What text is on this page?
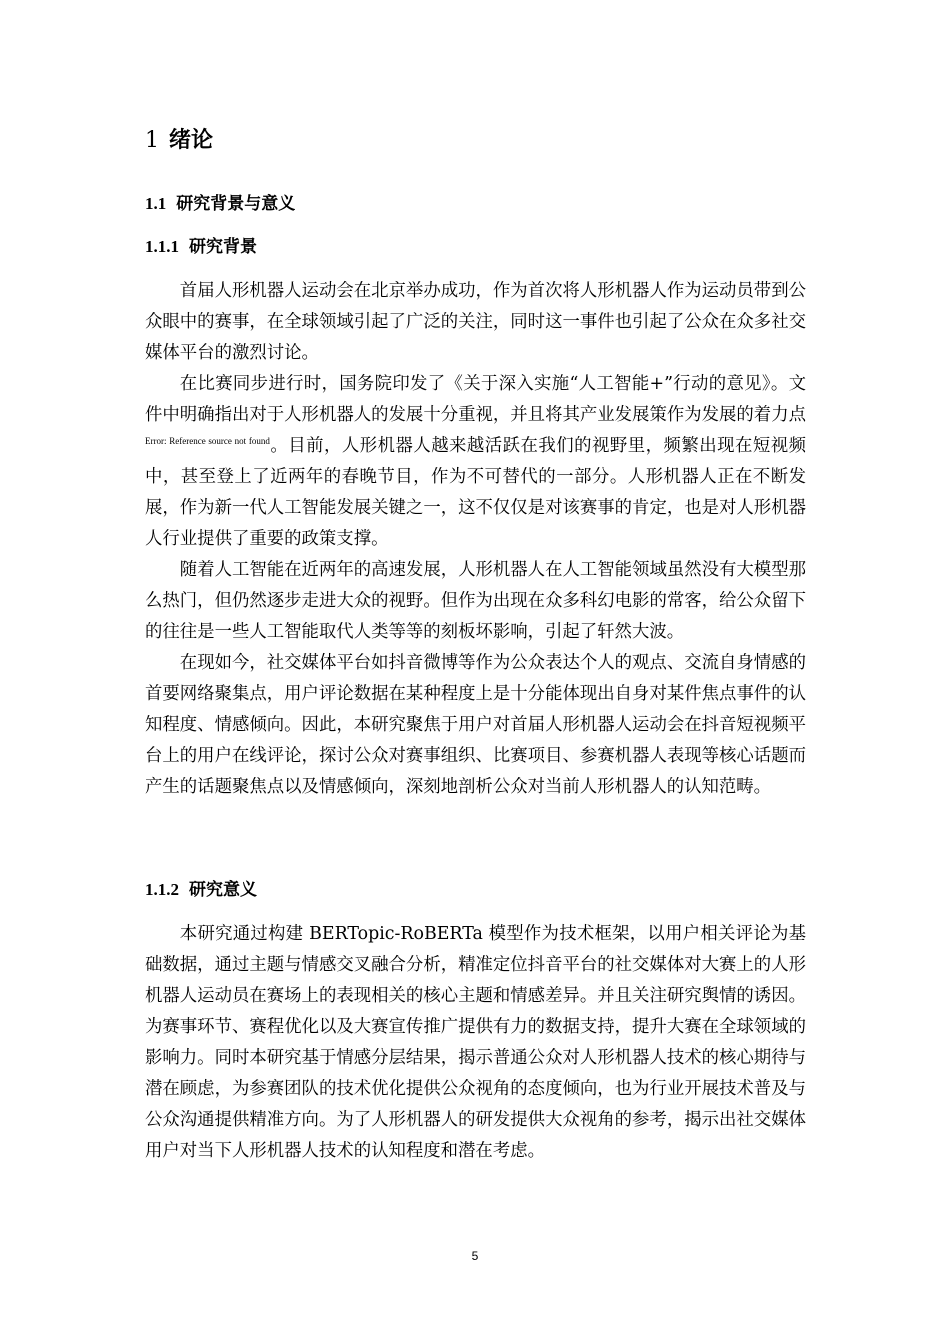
1 绪论
1.1 研究背景与意义
1.1.1 研究背景

首届人形机器人运动会在北京举办成功，作为首次将人形机器人作为运动员带到公众眼中的赛事，在全球领域引起了广泛的关注，同时这一事件也引起了公众在众多社交媒体平台的激烈讨论。

在比赛同步进行时，国务院印发了《关于深入实施“人工智能+”行动的意见》。文件中明确指出对于人形机器人的发展十分重视，并且将其产业发展策作为发展的着力点$^{Error: Reference source not found}$。目前，人形机器人越来越活跃在我们的视野里，频繁出现在短视频中，甚至登上了近两年的春晚节目，作为不可替代的一部分。人形机器人正在不断发展，作为新一代人工智能发展关键之一，这不仅仅是对该赛事的肯定，也是对人形机器人行业提供了重要的政策支撑。

随着人工智能在近两年的高速发展，人形机器人在人工智能领域虽然没有大模型那么热门，但仍然逐步走进大众的视野。但作为出现在众多科幻电影的常客，给公众留下的往往是一些人工智能取代人类等等的刻板坏影响，引起了轩然大波。

在现如今，社交媒体平台如抖音微博等作为公众表达个人的观点、交流自身情感的首要网络聚集点，用户评论数据在某种程度上是十分能体现出自身对某件焦点事件的认知程度、情感倾向。因此，本研究聚焦于用户对首届人形机器人运动会在抖音短视频平台上的用户在线评论，探讨公众对赛事组织、比赛项目、参赛机器人表现等核心话题而产生的话题聚焦点以及情感倾向，深刻地剖析公众对当前人形机器人的认知范畴。

1.1.2 研究意义

本研究通过构建 BERTopic-RoBERTa 模型作为技术框架，以用户相关评论为基础数据，通过主题与情感交叉融合分析，精准定位抖音平台的社交媒体对大赛上的人形机器人运动员在赛场上的表现相关的核心主题和情感差异。并且关注研究舆情的诱因。为赛事环节、赛程优化以及大赛宣传推广提供有力的数据支持，提升大赛在全球领域的影响力。同时本研究基于情感分层结果，揭示普通公众对人形机器人技术的核心期待与潜在顾虑，为参赛团队的技术优化提供公众视角的态度倾向，也为行业开展技术普及与公众沟通提供精准方向。为了人形机器人的研发提供大众视角的参考，揭示出社交媒体用户对当下人形机器人技术的认知程度和潜在考虑。

5
